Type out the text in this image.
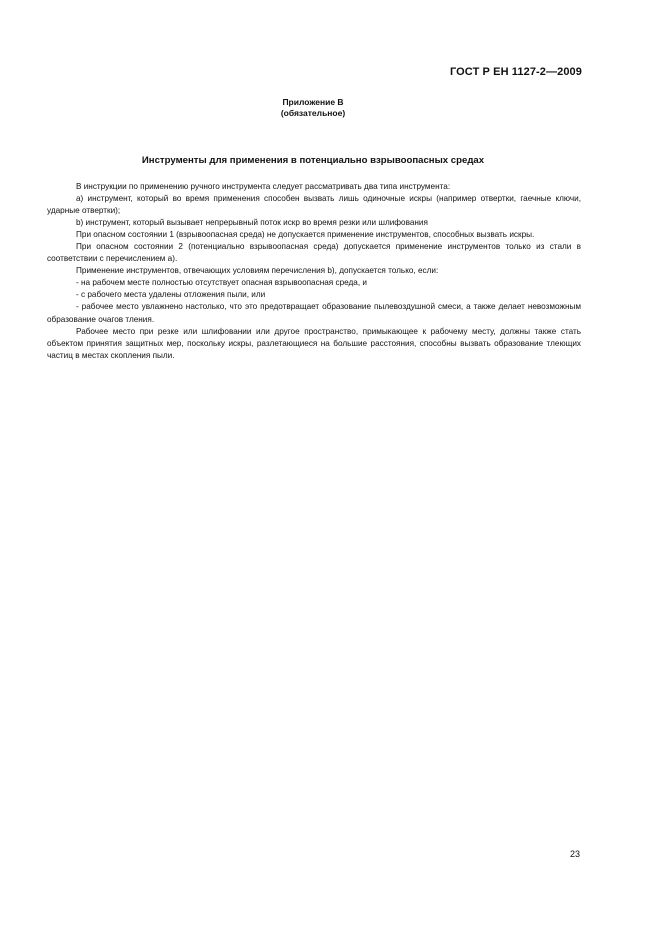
ГОСТ Р ЕН 1127-2—2009
Приложение В
(обязательное)
Инструменты для применения в потенциально взрывоопасных средах

В инструкции по применению ручного инструмента следует рассматривать два типа инструмента:

a) инструмент, который во время применения способен вызвать лишь одиночные искры (например отвертки, гаечные ключи, ударные отвертки);

b) инструмент, который вызывает непрерывный поток искр во время резки или шлифования

При опасном состоянии 1 (взрывоопасная среда) не допускается применение инструментов, способных вызвать искры.

При опасном состоянии 2 (потенциально взрывоопасная среда) допускается применение инструментов только из стали в соответствии с перечислением а).

Применение инструментов, отвечающих условиям перечисления b), допускается только, если:

- на рабочем месте полностью отсутствует опасная взрывоопасная среда, и

- с рабочего места удалены отложения пыли, или

- рабочее место увлажнено настолько, что это предотвращает образование пылевоздушной смеси, а также делает невозможным образование очагов тления.

Рабочее место при резке или шлифовании или другое пространство, примыкающее к рабочему месту, должны также стать объектом принятия защитных мер, поскольку искры, разлетающиеся на большие расстояния, способны вызвать образование тлеющих частиц в местах скопления пыли.

23
